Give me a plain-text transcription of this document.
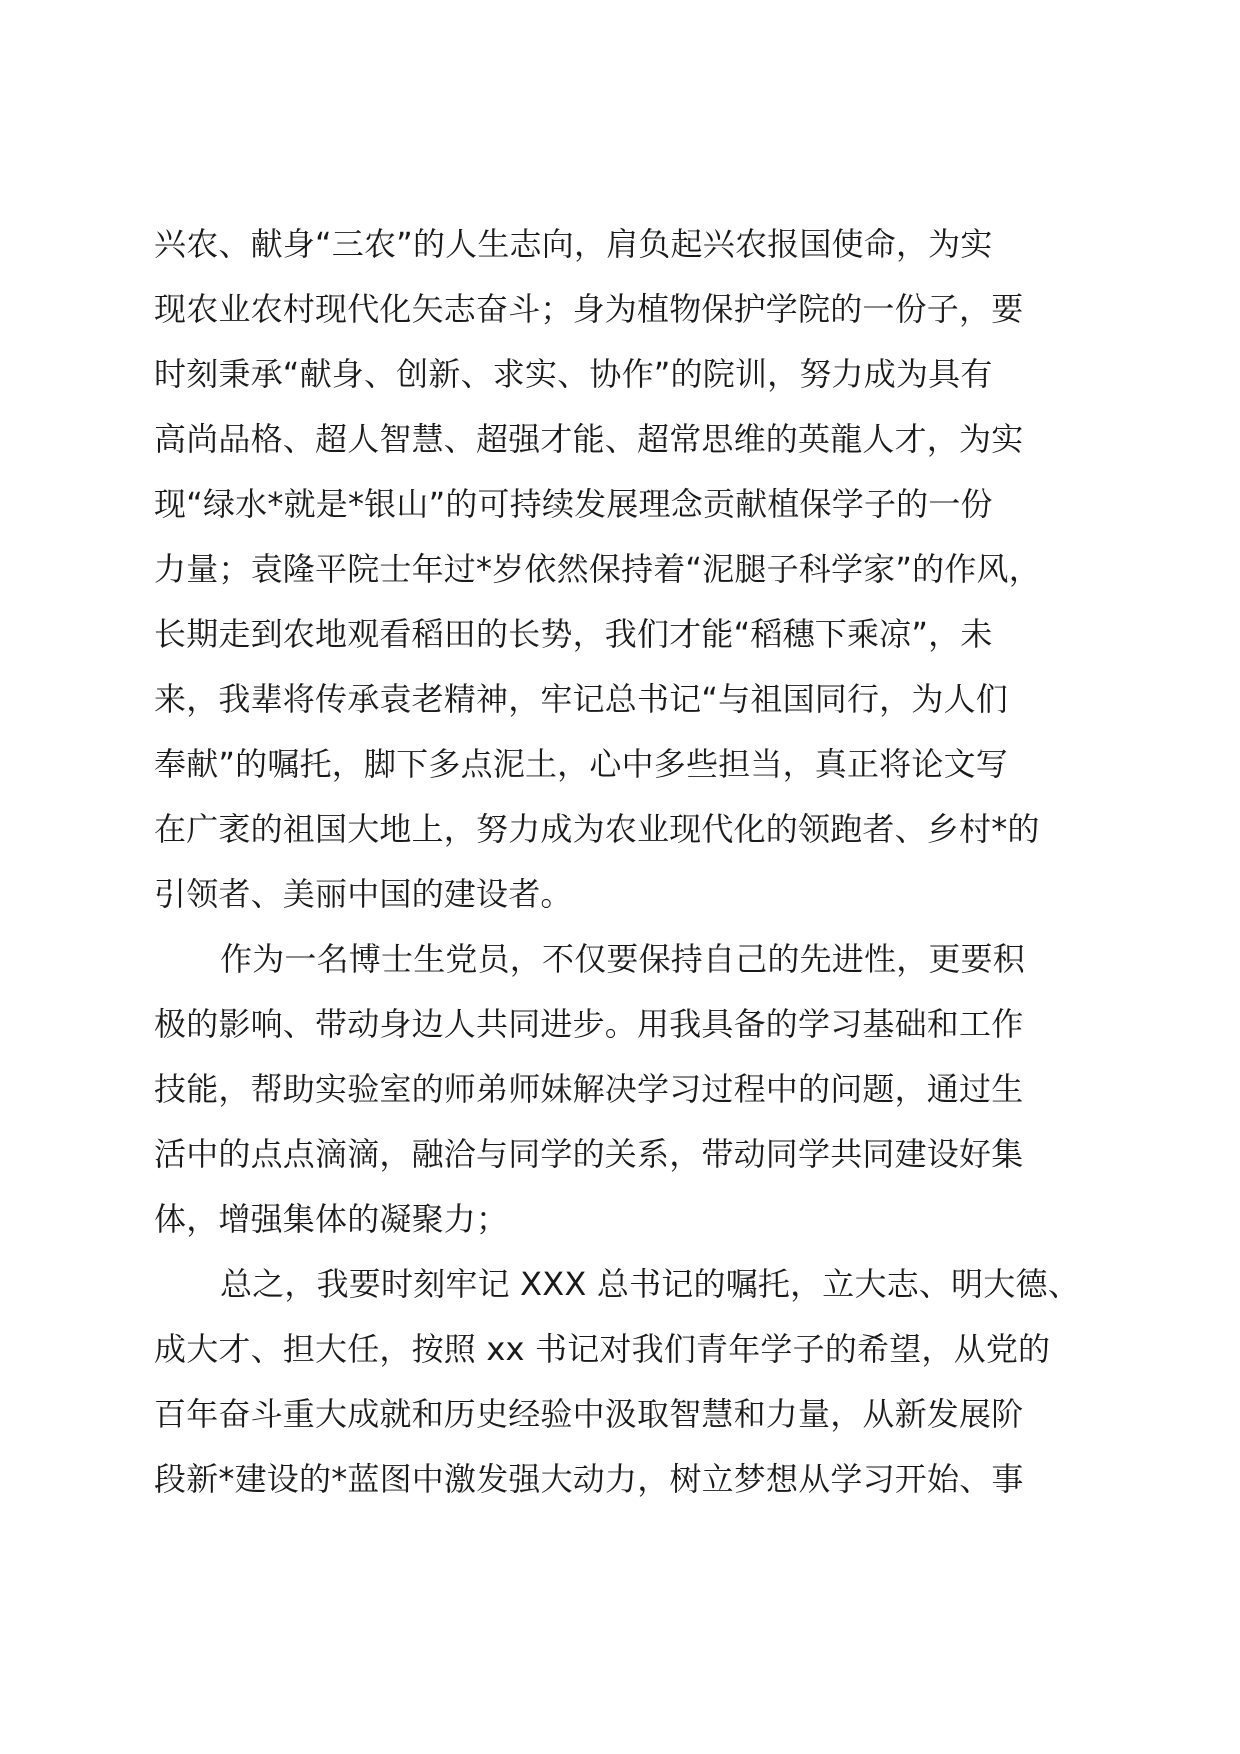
兴农、献身“三农”的人生志向，肩负起兴农报国使命，为实
现农业农村现代化矢志奋斗；身为植物保护学院的一份子，要
时刻秉承“献身、创新、求实、协作”的院训，努力成为具有
高尚品格、超人智慧、超强才能、超常思维的英龍人才，为实
现“绿水*就是*银山”的可持续发展理念贡献植保学子的一份
力量；袁隆平院士年过*岁依然保持着“泥腿子科学家”的作风，
长期走到农地观看稻田的长势，我们才能“稻穗下乘凉”，未
来，我辈将传承袁老精神，牢记总书记“与祖国同行，为人们
奉献”的嘱托，脚下多点泥土，心中多些担当，真正将论文写
在广袤的祖国大地上，努力成为农业现代化的领跑者、乡村*的
引领者、美丽中国的建设者。
作为一名博士生党员，不仅要保持自己的先进性，更要积
极的影响、带动身边人共同进步。用我具备的学习基础和工作
技能，帮助实验室的师弟师妹解决学习过程中的问题，通过生
活中的点点滴滴，融洽与同学的关系，带动同学共同建设好集
体，增强集体的凝聚力；
总之，我要时刻牢记 XXX 总书记的嘱托，立大志、明大德、
成大才、担大任，按照 xx 书记对我们青年学子的希望，从党的
百年奋斗重大成就和历史经验中汲取智慧和力量，从新发展阶
段新*建设的*蓝图中激发强大动力，树立梦想从学习开始、事
